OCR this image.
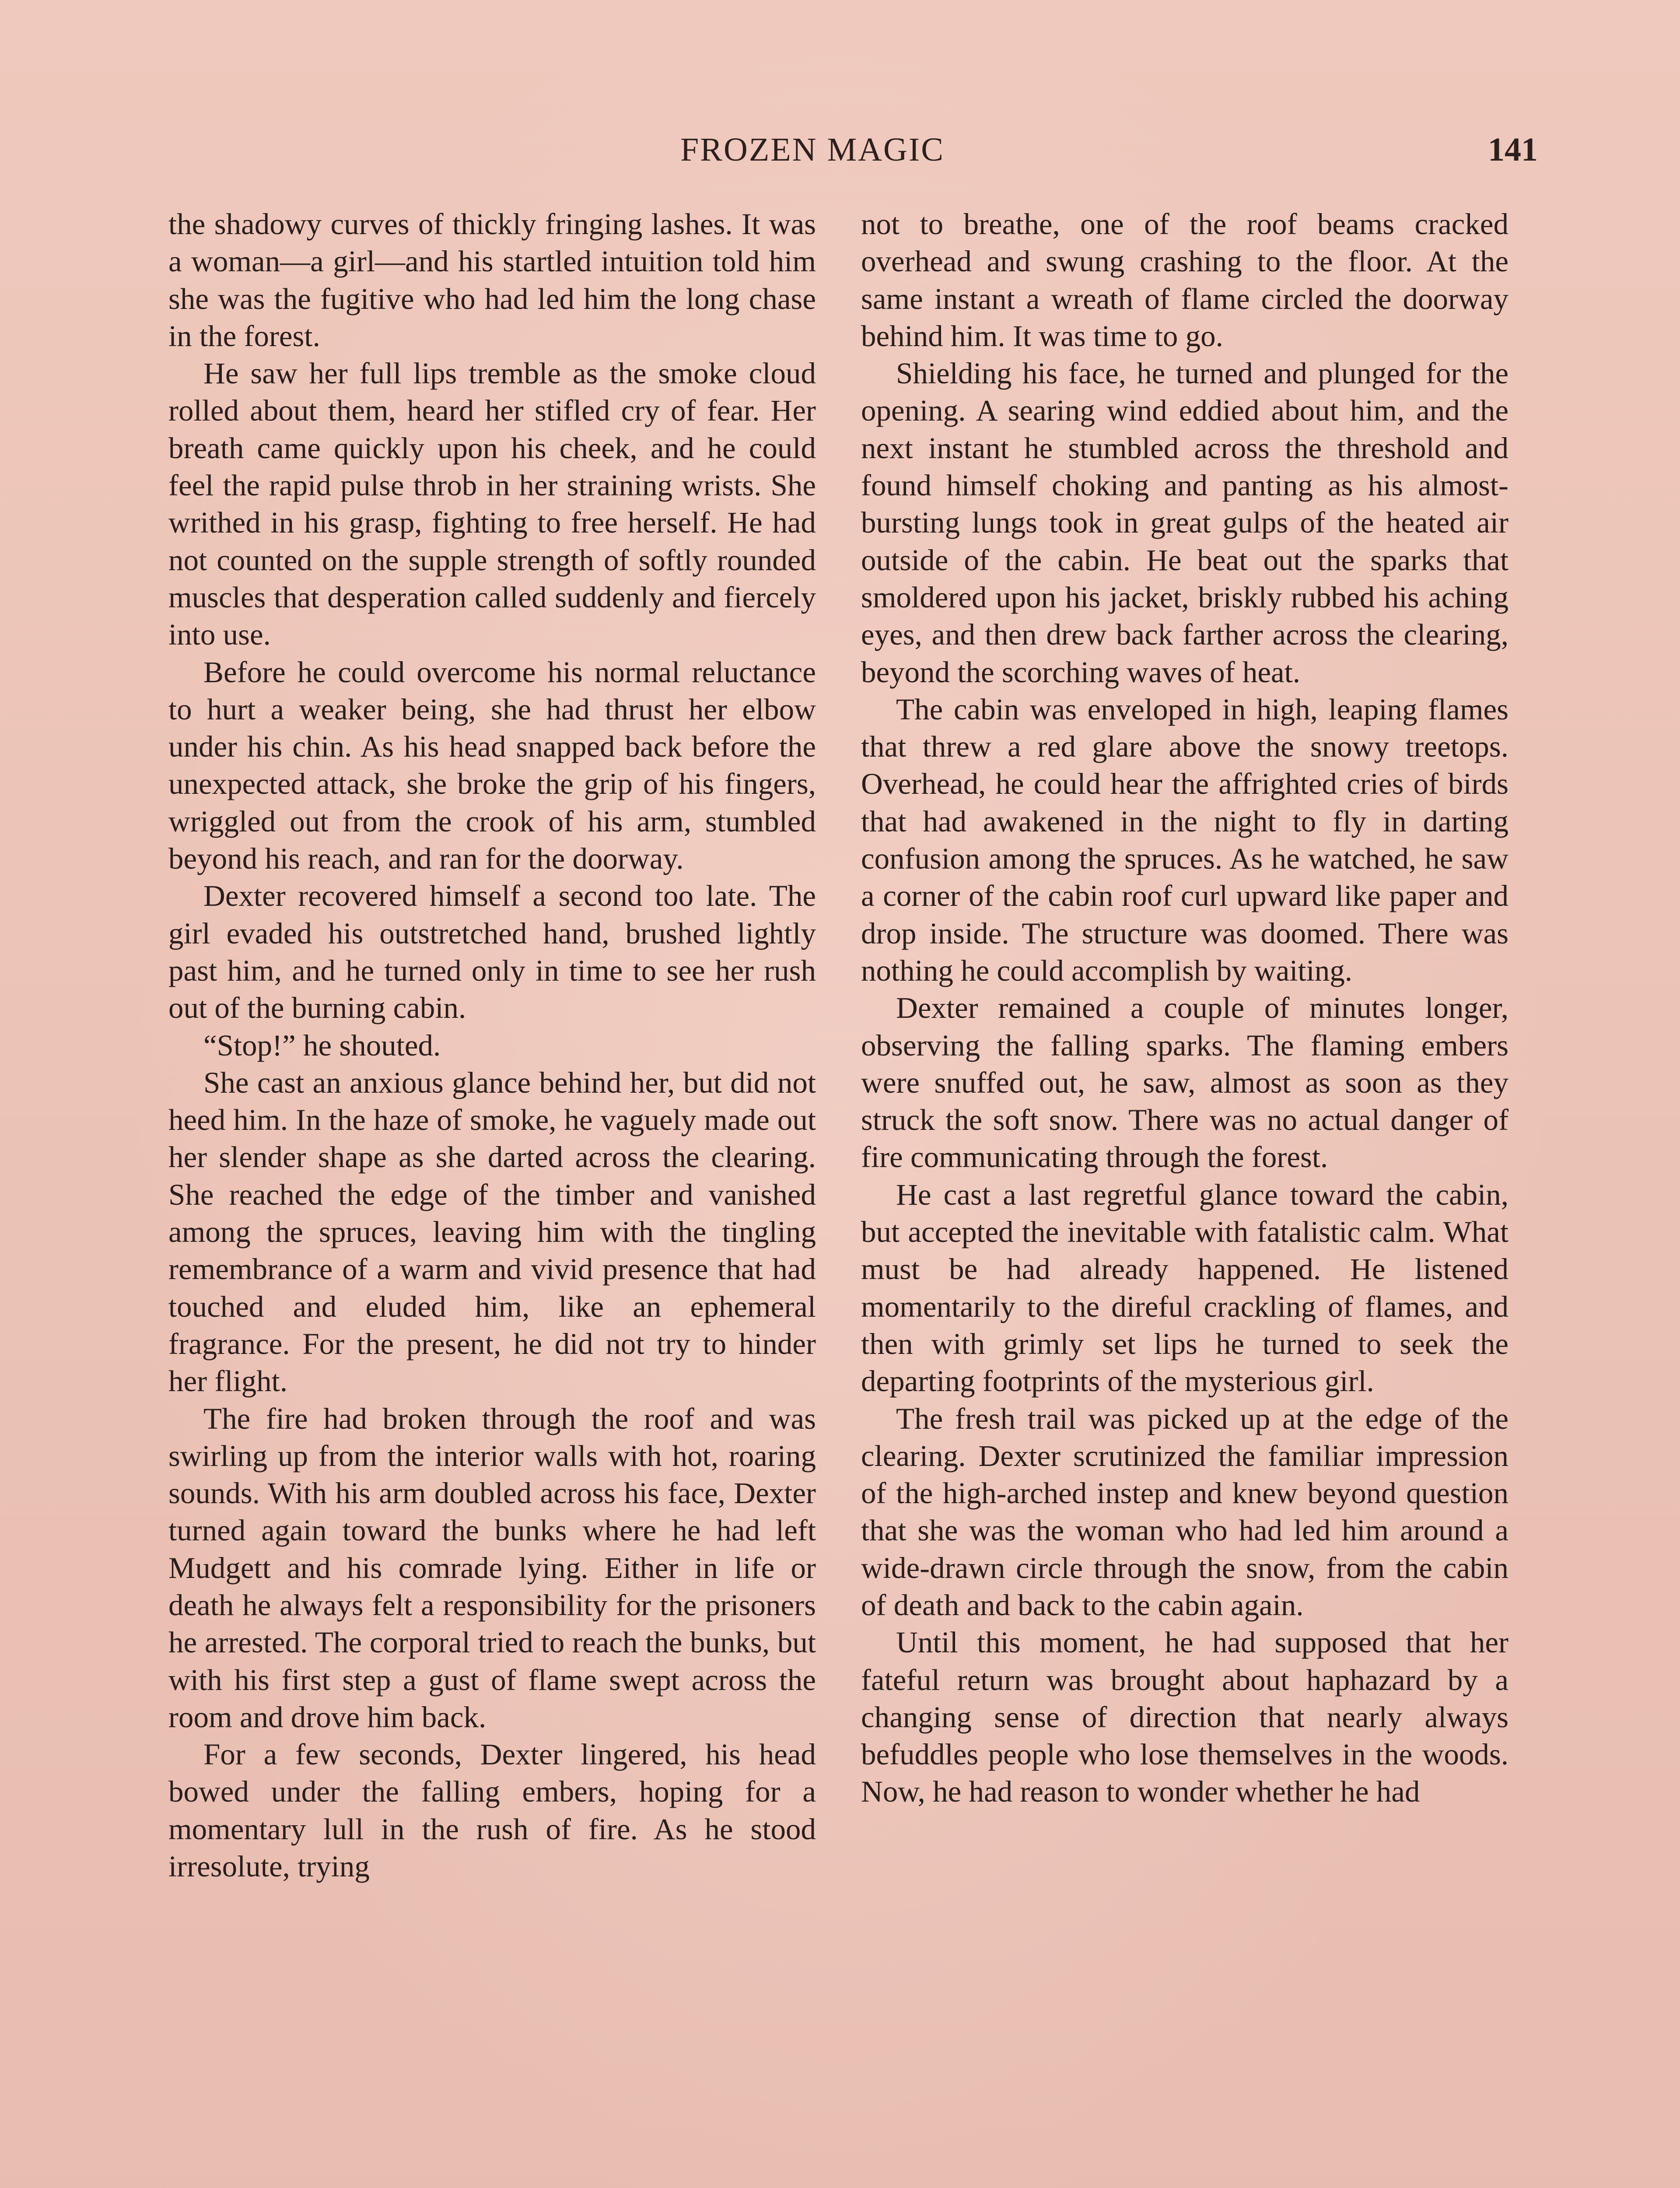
FROZEN MAGIC	141

the shadowy curves of thickly fringing lashes. It was a woman—a girl—and his startled intuition told him she was the fugitive who had led him the long chase in the forest.

He saw her full lips tremble as the smoke cloud rolled about them, heard her stifled cry of fear. Her breath came quickly upon his cheek, and he could feel the rapid pulse throb in her straining wrists. She writhed in his grasp, fighting to free herself. He had not counted on the supple strength of softly rounded muscles that desperation called suddenly and fiercely into use.

Before he could overcome his normal reluctance to hurt a weaker being, she had thrust her elbow under his chin. As his head snapped back before the unexpected attack, she broke the grip of his fingers, wriggled out from the crook of his arm, stumbled beyond his reach, and ran for the doorway.

Dexter recovered himself a second too late. The girl evaded his outstretched hand, brushed lightly past him, and he turned only in time to see her rush out of the burning cabin.

“Stop!” he shouted.

She cast an anxious glance behind her, but did not heed him. In the haze of smoke, he vaguely made out her slender shape as she darted across the clearing. She reached the edge of the timber and vanished among the spruces, leaving him with the tingling remembrance of a warm and vivid presence that had touched and eluded him, like an ephemeral fragrance. For the present, he did not try to hinder her flight.

The fire had broken through the roof and was swirling up from the interior walls with hot, roaring sounds. With his arm doubled across his face, Dexter turned again toward the bunks where he had left Mudgett and his comrade lying. Either in life or death he always felt a responsibility for the prisoners he arrested. The corporal tried to reach the bunks, but with his first step a gust of flame swept across the room and drove him back.

For a few seconds, Dexter lingered, his head bowed under the falling embers, hoping for a momentary lull in the rush of fire. As he stood irresolute, trying

not to breathe, one of the roof beams cracked overhead and swung crashing to the floor. At the same instant a wreath of flame circled the doorway behind him. It was time to go.

Shielding his face, he turned and plunged for the opening. A searing wind eddied about him, and the next instant he stumbled across the threshold and found himself choking and panting as his almost-bursting lungs took in great gulps of the heated air outside of the cabin. He beat out the sparks that smoldered upon his jacket, briskly rubbed his aching eyes, and then drew back farther across the clearing, beyond the scorching waves of heat.

The cabin was enveloped in high, leaping flames that threw a red glare above the snowy treetops. Overhead, he could hear the affrighted cries of birds that had awakened in the night to fly in darting confusion among the spruces. As he watched, he saw a corner of the cabin roof curl upward like paper and drop inside. The structure was doomed. There was nothing he could accomplish by waiting.

Dexter remained a couple of minutes longer, observing the falling sparks. The flaming embers were snuffed out, he saw, almost as soon as they struck the soft snow. There was no actual danger of fire communicating through the forest.

He cast a last regretful glance toward the cabin, but accepted the inevitable with fatalistic calm. What must be had already happened. He listened momentarily to the direful crackling of flames, and then with grimly set lips he turned to seek the departing footprints of the mysterious girl.

The fresh trail was picked up at the edge of the clearing. Dexter scrutinized the familiar impression of the high-arched instep and knew beyond question that she was the woman who had led him around a wide-drawn circle through the snow, from the cabin of death and back to the cabin again.

Until this moment, he had supposed that her fateful return was brought about haphazard by a changing sense of direction that nearly always befuddles people who lose themselves in the woods. Now, he had reason to wonder whether he had
